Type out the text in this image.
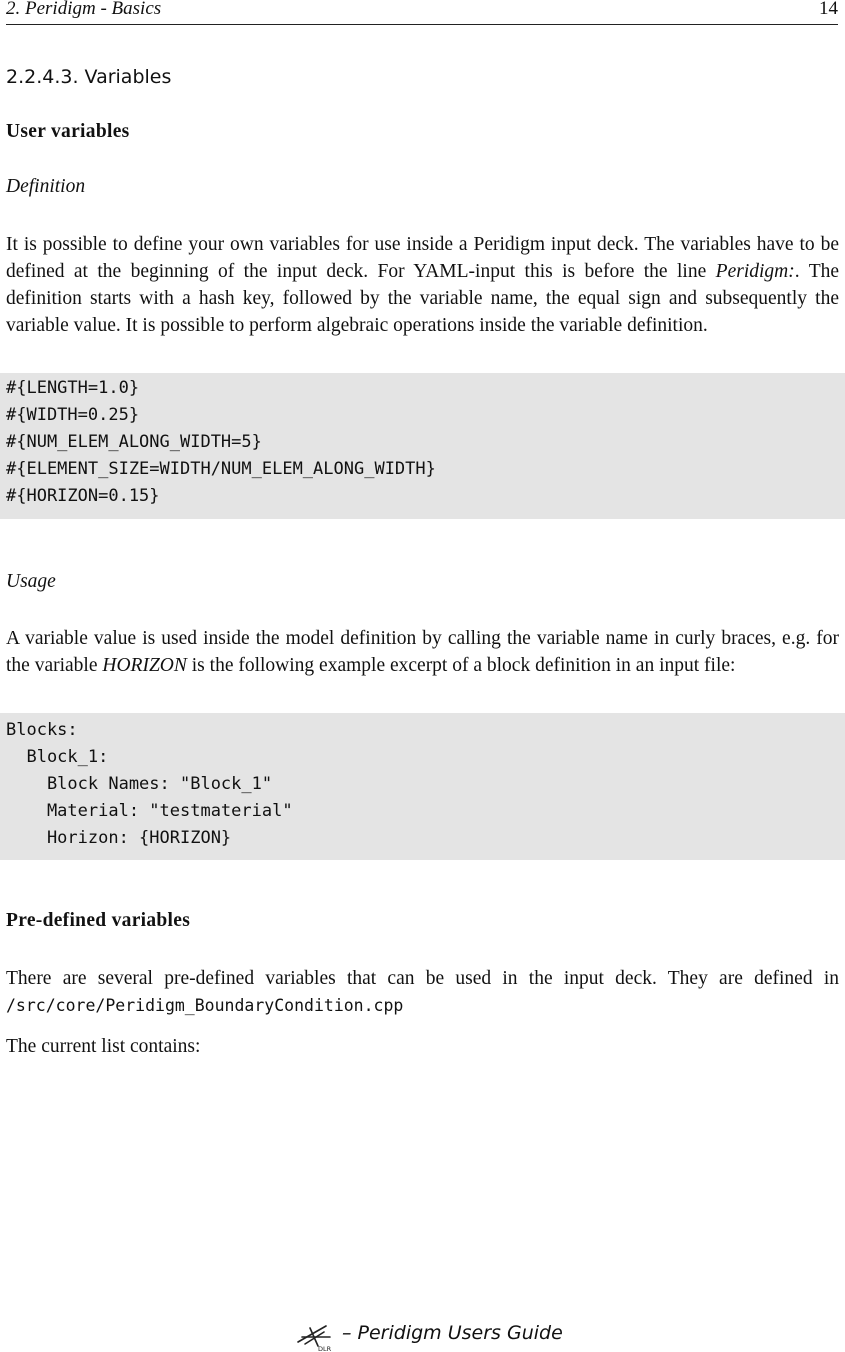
2. Peridigm - Basics	14
2.2.4.3. Variables
User variables

Definition

It is possible to define your own variables for use inside a Peridigm input deck. The variables have to be defined at the beginning of the input deck. For YAML-input this is before the line Peridigm:. The definition starts with a hash key, followed by the variable name, the equal sign and subsequently the variable value. It is possible to perform algebraic operations inside the variable definition.

#{LENGTH=1.0}
#{WIDTH=0.25}
#{NUM_ELEM_ALONG_WIDTH=5}
#{ELEMENT_SIZE=WIDTH/NUM_ELEM_ALONG_WIDTH}
#{HORIZON=0.15}

Usage

A variable value is used inside the model definition by calling the variable name in curly braces, e.g. for the variable HORIZON is the following example excerpt of a block definition in an input file:

Blocks:
Block_1:
Block Names: "Block_1"
Material: "testmaterial"
Horizon: {HORIZON}
Pre-defined variables

There are several pre-defined variables that can be used in the input deck. They are defined in /src/core/Peridigm_BoundaryCondition.cpp

The current list contains:

DLR
– Peridigm Users Guide
